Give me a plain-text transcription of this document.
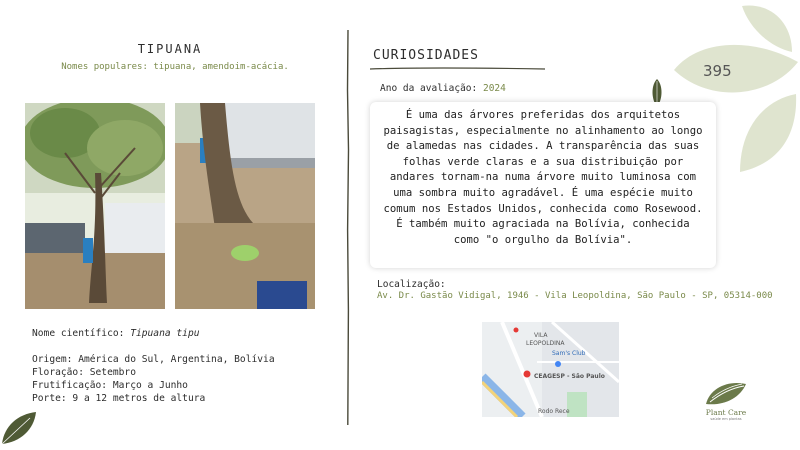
395
TIPUANA
Nomes populares: tipuana, amendoim-acácia.
Nome científico: Tipuana tipu
Origem: América do Sul, Argentina, Bolívia
Floração: Setembro
Frutificação: Março a Junho
Porte: 9 a 12 metros de altura
CURIOSIDADES
Ano da avaliação: 2024
É uma das árvores preferidas dos arquitetos paisagistas, especialmente no alinhamento ao longo de alamedas nas cidades. A transparência das suas folhas verde claras e a sua distribuição por andares tornam-na numa árvore muito luminosa com uma sombra muito agradável. É uma espécie muito comum nos Estados Unidos, conhecida como Rosewood. É também muito agraciada na Bolívia, conhecida como "o orgulho da Bolívia".
Localização:
Av. Dr. Gastão Vidigal, 1946 - Vila Leopoldina, São Paulo - SP, 05314-000
VILA
LEOPOLDINA
Sam's Club
CEAGESP - São Paulo
Rodo Rece	Plant Care
saúde em plantas
